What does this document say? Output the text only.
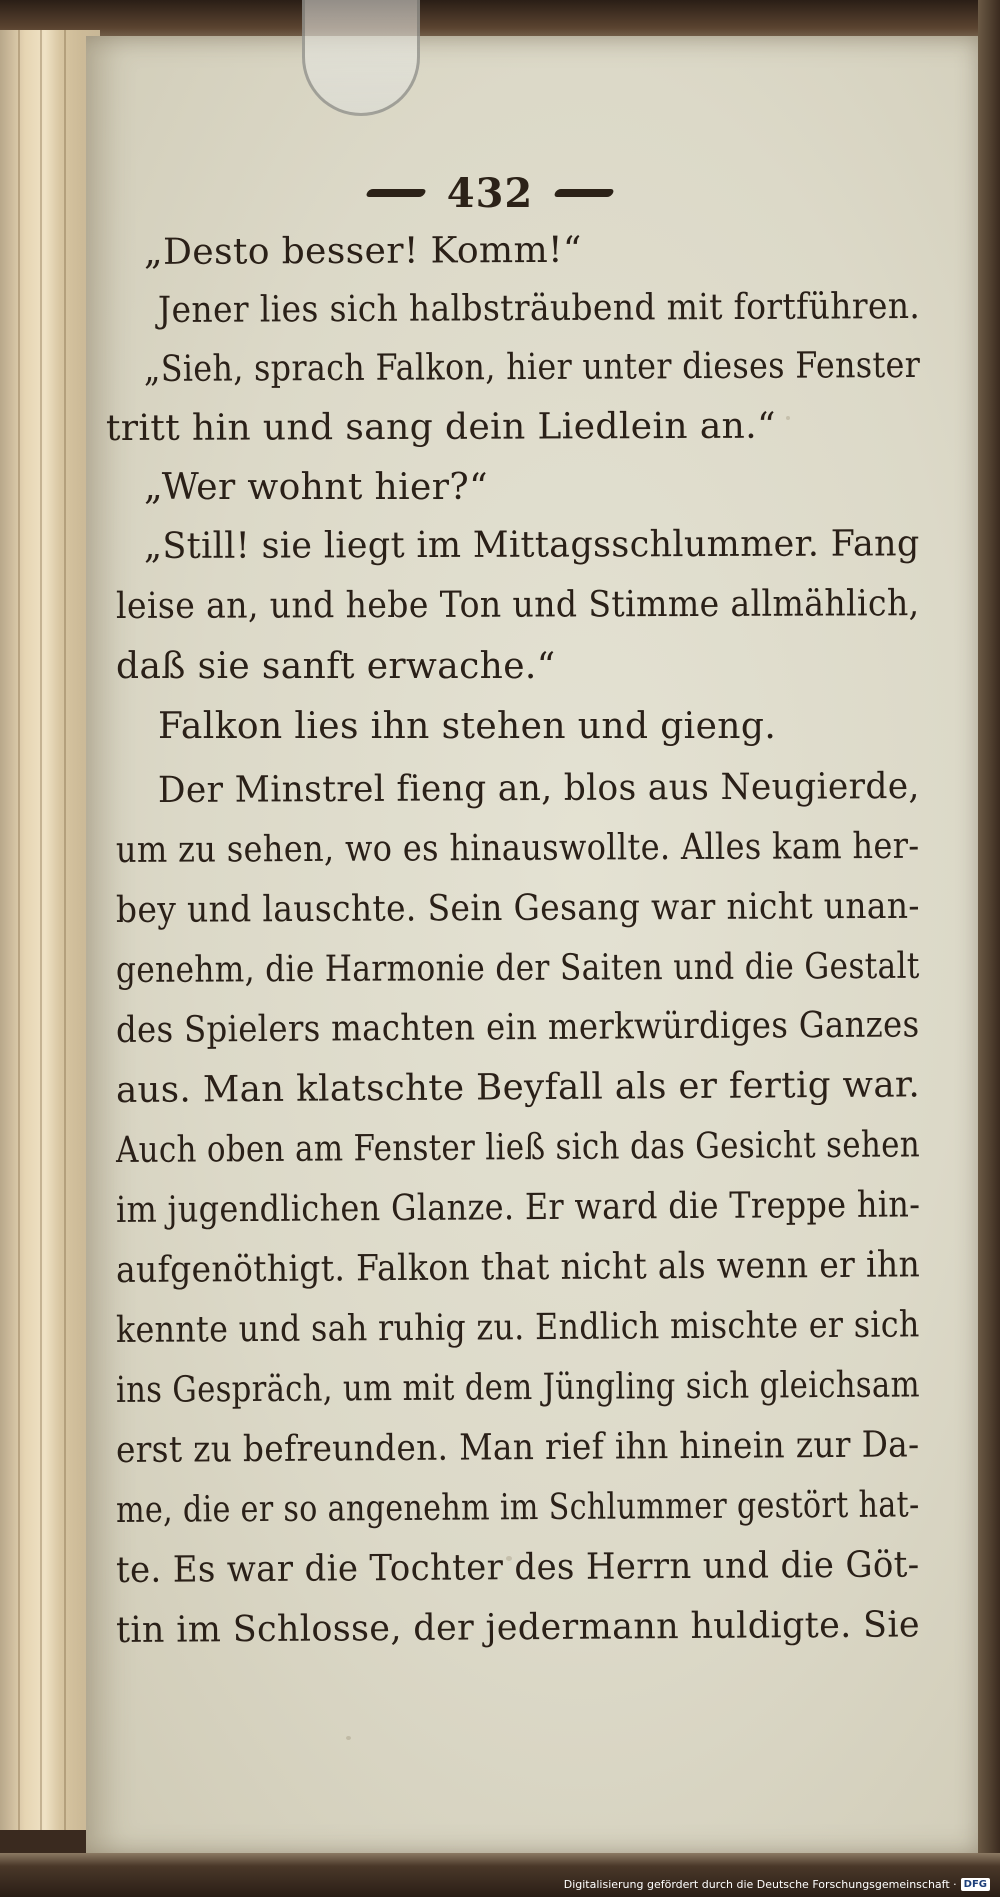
432
„Desto besser! Komm!“
Jener lies sich halbsträubend mit fortführen.
„Sieh, sprach Falkon, hier unter dieses Fenster
tritt hin und sang dein Liedlein an.“
„Wer wohnt hier?“
„Still! sie liegt im Mittagsschlummer. Fang
leise an, und hebe Ton und Stimme allmählich,
daß sie sanft erwache.“
Falkon lies ihn stehen und gieng.
Der Minstrel fieng an, blos aus Neugierde,
um zu sehen, wo es hinauswollte. Alles kam her-
bey und lauschte. Sein Gesang war nicht unan-
genehm, die Harmonie der Saiten und die Gestalt
des Spielers machten ein merkwürdiges Ganzes
aus. Man klatschte Beyfall als er fertig war.
Auch oben am Fenster ließ sich das Gesicht sehen
im jugendlichen Glanze. Er ward die Treppe hin-
aufgenöthigt. Falkon that nicht als wenn er ihn
kennte und sah ruhig zu. Endlich mischte er sich
ins Gespräch, um mit dem Jüngling sich gleichsam
erst zu befreunden. Man rief ihn hinein zur Da-
me, die er so angenehm im Schlummer gestört hat-
te. Es war die Tochter des Herrn und die Göt-
tin im Schlosse, der jedermann huldigte. Sie
Digitalisierung gefördert durch die Deutsche Forschungsgemeinschaft · DFG
